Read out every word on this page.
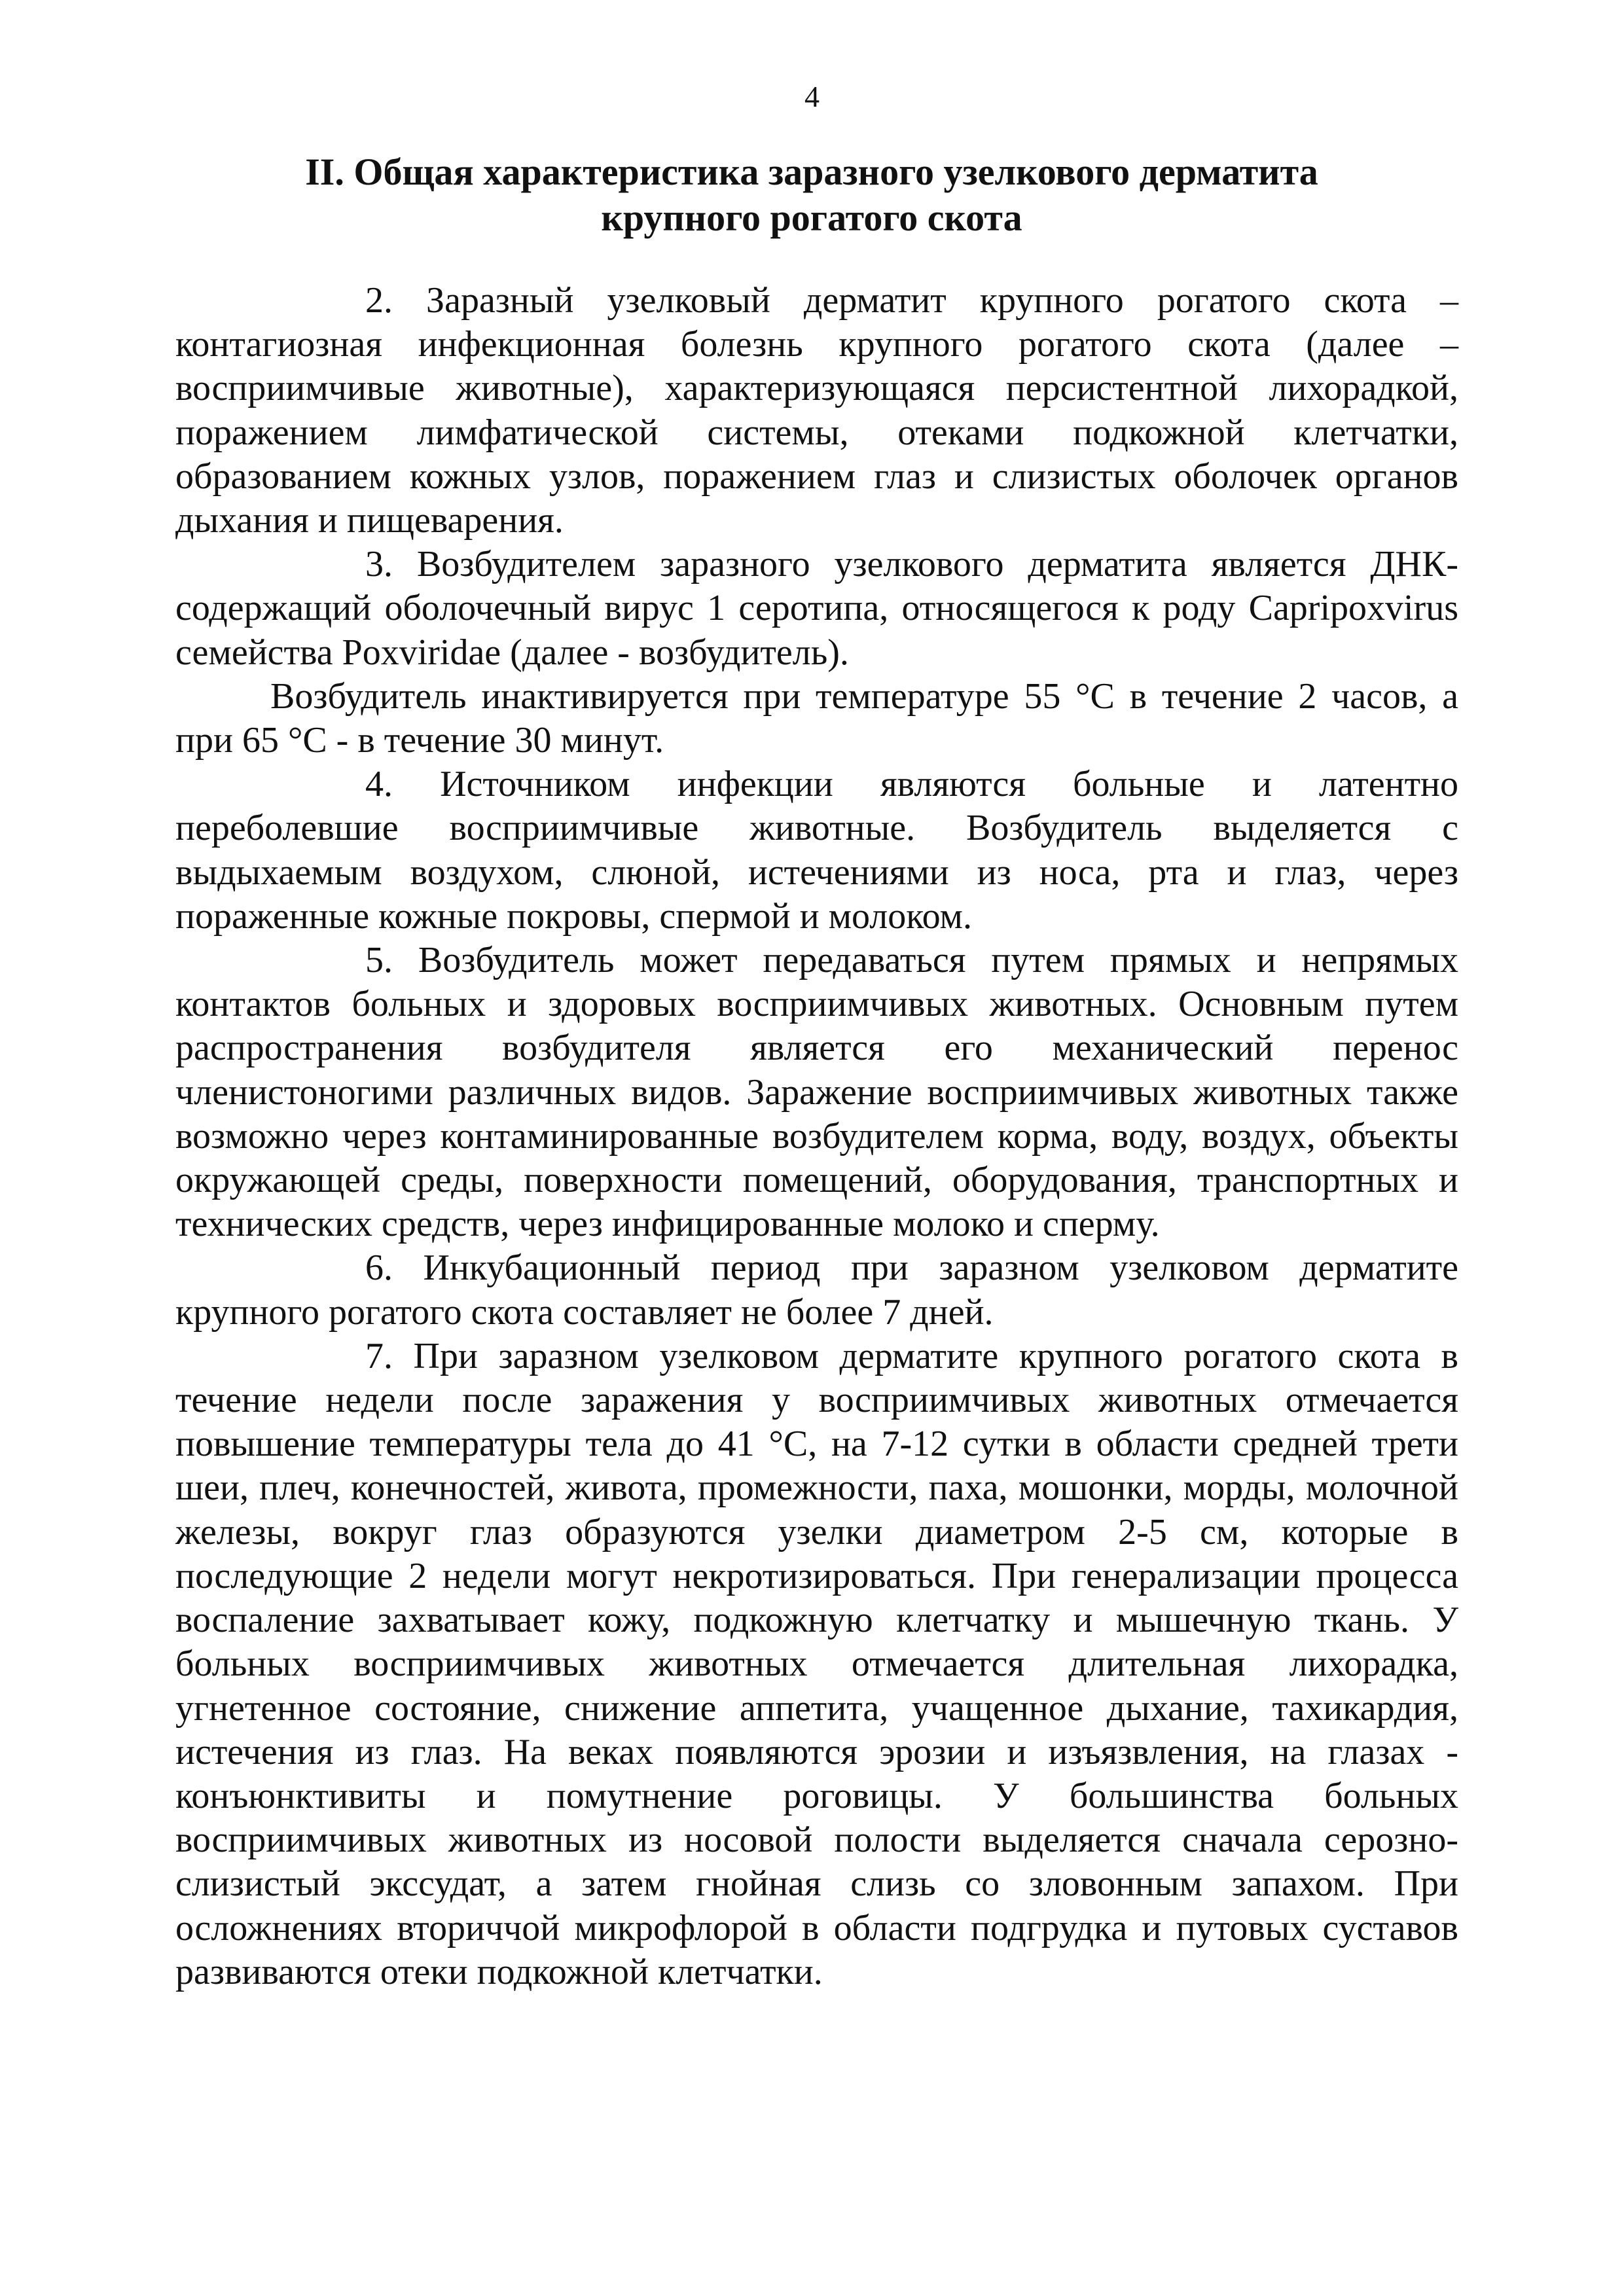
4
II. Общая характеристика заразного узелкового дерматита
крупного рогатого скота

2. Заразный узелковый дерматит крупного рогатого скота – контагиозная инфекционная болезнь крупного рогатого скота (далее – восприимчивые животные), характеризующаяся персистентной лихорадкой, поражением лимфатической системы, отеками подкожной клетчатки, образованием кожных узлов, поражением глаз и слизистых оболочек органов дыхания и пищеварения.

3. Возбудителем заразного узелкового дерматита является ДНК-содержащий оболочечный вирус 1 серотипа, относящегося к роду Capripoxvirus семейства Poxviridae (далее - возбудитель).

Возбудитель инактивируется при температуре 55 °С в течение 2 часов, а при 65 °С - в течение 30 минут.

4. Источником инфекции являются больные и латентно переболевшие восприимчивые животные. Возбудитель выделяется с выдыхаемым воздухом, слюной, истечениями из носа, рта и глаз, через пораженные кожные покровы, спермой и молоком.

5. Возбудитель может передаваться путем прямых и непрямых контактов больных и здоровых восприимчивых животных. Основным путем распространения возбудителя является его механический перенос членистоногими различных видов. Заражение восприимчивых животных также возможно через контаминированные возбудителем корма, воду, воздух, объекты окружающей среды, поверхности помещений, оборудования, транспортных и технических средств, через инфицированные молоко и сперму.

6. Инкубационный период при заразном узелковом дерматите крупного рогатого скота составляет не более 7 дней.

7. При заразном узелковом дерматите крупного рогатого скота в течение недели после заражения у восприимчивых животных отмечается повышение температуры тела до 41 °С, на 7-12 сутки в области средней трети шеи, плеч, конечностей, живота, промежности, паха, мошонки, морды, молочной железы, вокруг глаз образуются узелки диаметром 2-5 см, которые в последующие 2 недели могут некротизироваться. При генерализации процесса воспаление захватывает кожу, подкожную клетчатку и мышечную ткань. У больных восприимчивых животных отмечается длительная лихорадка, угнетенное состояние, снижение аппетита, учащенное дыхание, тахикардия, истечения из глаз. На веках появляются эрозии и изъязвления, на глазах - конъюнктивиты и помутнение роговицы. У большинства больных восприимчивых животных из носовой полости выделяется сначала серозно-слизистый экссудат, а затем гнойная слизь со зловонным запахом. При осложнениях вториччой микрофлорой в области подгрудка и путовых суставов развиваются отеки подкожной клетчатки.
